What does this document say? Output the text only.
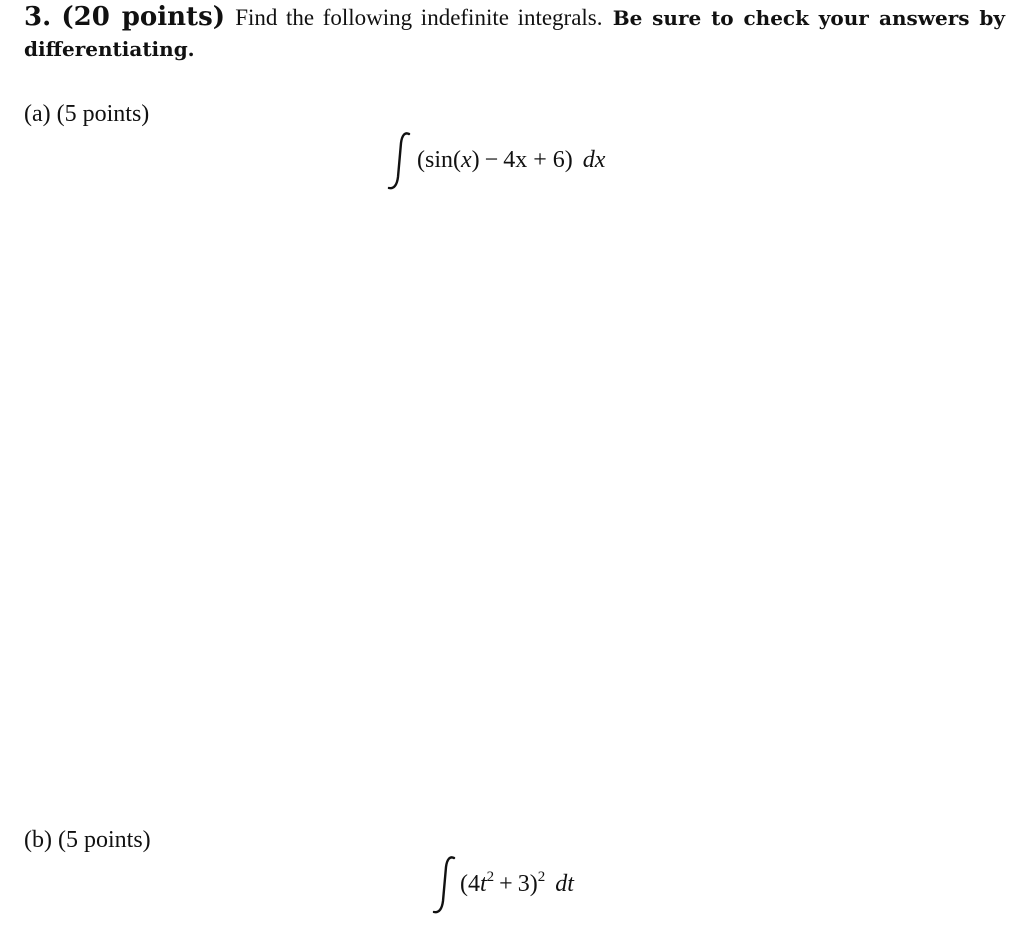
3. (20 points) Find the following indefinite integrals. Be sure to check your answers by differentiating.
(a) (5 points)
(sin(x) − 4x + 6) dx
(b) (5 points)
$(4t^2 + 3)^2$ dt
